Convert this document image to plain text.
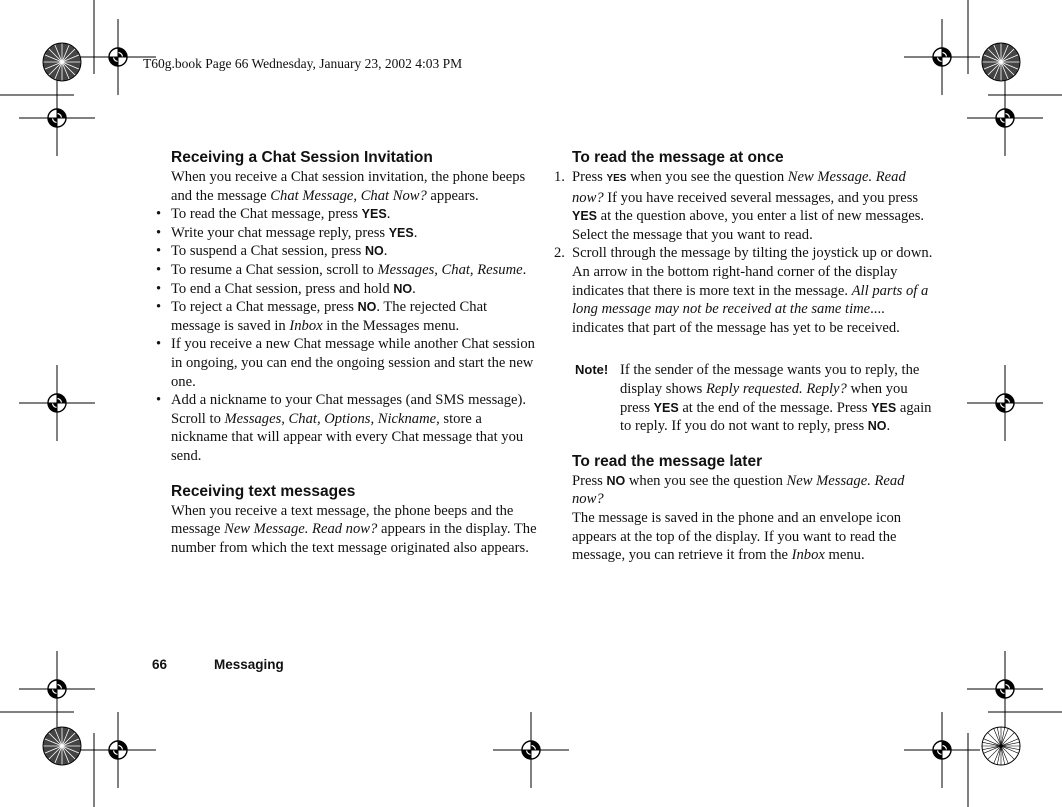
T60g.book Page 66 Wednesday, January 23, 2002 4:03 PM
Receiving a Chat Session Invitation

When you receive a Chat session invitation, the phone beeps and the message Chat Message, Chat Now? appears.

• To read the Chat message, press YES.
• Write your chat message reply, press YES.
• To suspend a Chat session, press NO.
• To resume a Chat session, scroll to Messages, Chat, Resume.
• To end a Chat session, press and hold NO.
• To reject a Chat message, press NO. The rejected Chat message is saved in Inbox in the Messages menu.
• If you receive a new Chat message while another Chat session in ongoing, you can end the ongoing session and start the new one.
• Add a nickname to your Chat messages (and SMS message). Scroll to Messages, Chat, Options, Nickname, store a nickname that will appear with every Chat message that you send.
Receiving text messages

When you receive a text message, the phone beeps and the message New Message. Read now? appears in the display. The number from which the text message originated also appears.

To read the message at once
1. Press YES when you see the question New Message. Read now? If you have received several messages, and you press YES at the question above, you enter a list of new messages. Select the message that you want to read.
2. Scroll through the message by tilting the joystick up or down. An arrow in the bottom right-hand corner of the display indicates that there is more text in the message. All parts of a long message may not be received at the same time.... indicates that part of the message has yet to be received.
Note! If the sender of the message wants you to reply, the display shows Reply requested. Reply? when you press YES at the end of the message. Press YES again to reply. If you do not want to reply, press NO.
To read the message later

Press NO when you see the question New Message. Read now?

The message is saved in the phone and an envelope icon appears at the top of the display. If you want to read the message, you can retrieve it from the Inbox menu.

66	Messaging
